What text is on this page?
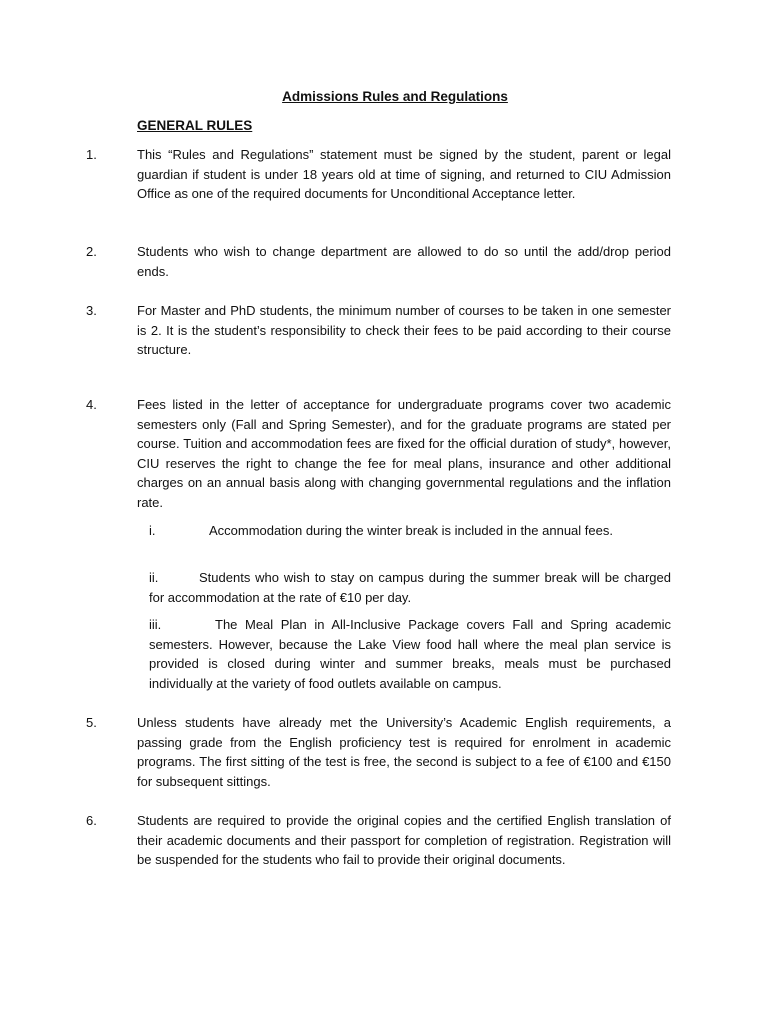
Admissions Rules and Regulations
GENERAL RULES
1.	This “Rules and Regulations” statement must be signed by the student, parent or legal guardian if student is under 18 years old at time of signing, and returned to CIU Admission Office as one of the required documents for Unconditional Acceptance letter.
2.	Students who wish to change department are allowed to do so until the add/drop period ends.
3.	For Master and PhD students, the minimum number of courses to be taken in one semester is 2. It is the student’s responsibility to check their fees to be paid according to their course structure.
4.	Fees listed in the letter of acceptance for undergraduate programs cover two academic semesters only (Fall and Spring Semester), and for the graduate programs are stated per course. Tuition and accommodation fees are fixed for the official duration of study*, however, CIU reserves the right to change the fee for meal plans, insurance and other additional charges on an annual basis along with changing governmental regulations and the inflation rate.
i.	Accommodation during the winter break is included in the annual fees.
ii.	Students who wish to stay on campus during the summer break will be charged for accommodation at the rate of €10 per day.
iii.	The Meal Plan in All-Inclusive Package covers Fall and Spring academic semesters. However, because the Lake View food hall where the meal plan service is provided is closed during winter and summer breaks, meals must be purchased individually at the variety of food outlets available on campus.
5.	Unless students have already met the University’s Academic English requirements, a passing grade from the English proficiency test is required for enrolment in academic programs. The first sitting of the test is free, the second is subject to a fee of €100 and €150 for subsequent sittings.
6.	Students are required to provide the original copies and the certified English translation of their academic documents and their passport for completion of registration. Registration will be suspended for the students who fail to provide their original documents.
